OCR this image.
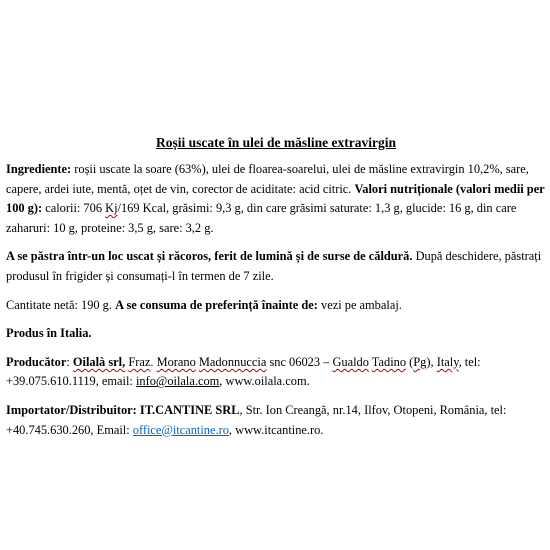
Roșii uscate în ulei de măsline extravirgin

Ingrediente: roșii uscate la soare (63%), ulei de floarea-soarelui, ulei de măsline extravirgin 10,2%, sare, capere, ardei iute, mentă, oțet de vin, corector de aciditate: acid citric. Valori nutriționale (valori medii per 100 g): calorii: 706 Kj/169 Kcal, grăsimi: 9,3 g, din care grăsimi saturate: 1,3 g, glucide: 16 g, din care zaharuri: 10 g, proteine: 3,5 g, sare: 3,2 g.

A se păstra într-un loc uscat și răcoros, ferit de lumină și de surse de căldură. După deschidere, păstrați produsul în frigider și consumați-l în termen de 7 zile.

Cantitate netă: 190 g. A se consuma de preferință înainte de: vezi pe ambalaj.

Produs în Italia.

Producător: Oilalà srl, Fraz. Morano Madonnuccia snc 06023 – Gualdo Tadino (Pg), Italy, tel: +39.075.610.1119, email: info@oilala.com, www.oilala.com.

Importator/Distribuitor: IT.CANTINE SRL, Str. Ion Creangă, nr.14, Ilfov, Otopeni, România, tel: +40.745.630.260, Email: office@itcantine.ro, www.itcantine.ro.
